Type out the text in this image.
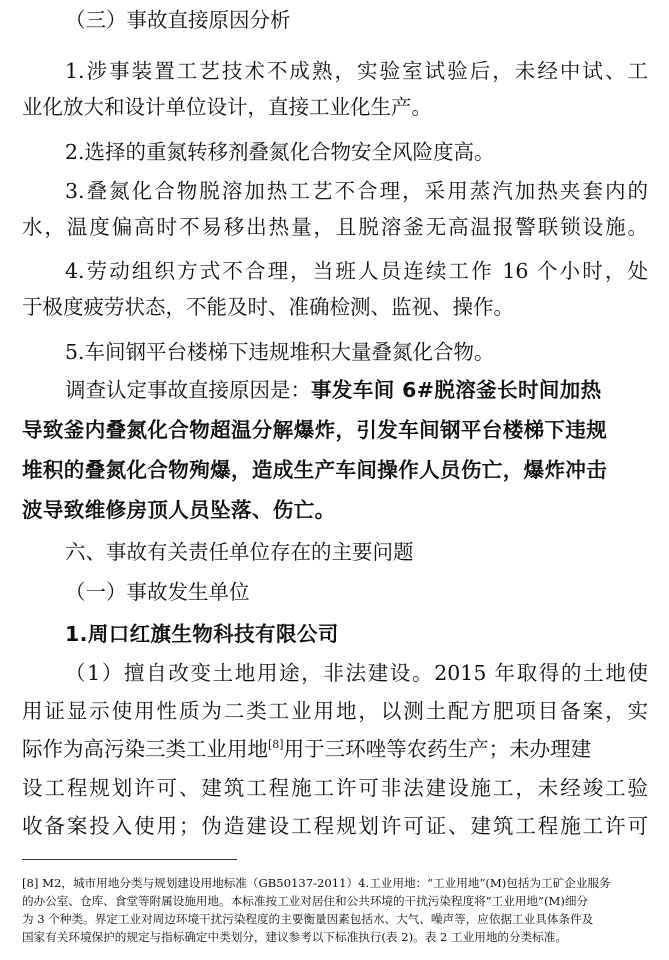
（三）事故直接原因分析
1.涉事装置工艺技术不成熟，实验室试验后，未经中试、工
业化放大和设计单位设计，直接工业化生产。
2.选择的重氮转移剂叠氮化合物安全风险度高。
3.叠氮化合物脱溶加热工艺不合理，采用蒸汽加热夹套内的
水，温度偏高时不易移出热量，且脱溶釜无高温报警联锁设施。
4.劳动组织方式不合理，当班人员连续工作 16 个小时，处
于极度疲劳状态，不能及时、准确检测、监视、操作。
5.车间钢平台楼梯下违规堆积大量叠氮化合物。
调查认定事故直接原因是：事发车间 6#脱溶釜长时间加热
导致釜内叠氮化合物超温分解爆炸，引发车间钢平台楼梯下违规
堆积的叠氮化合物殉爆，造成生产车间操作人员伤亡，爆炸冲击
波导致维修房顶人员坠落、伤亡。
六、事故有关责任单位存在的主要问题
（一）事故发生单位
1.周口红旗生物科技有限公司
（1）擅自改变土地用途，非法建设。2015 年取得的土地使
用证显示使用性质为二类工业用地，以测土配方肥项目备案，实
际作为高污染三类工业用地[8]用于三环唑等农药生产；未办理建
设工程规划许可、建筑工程施工许可非法建设施工，未经竣工验
收备案投入使用；伪造建设工程规划许可证、建筑工程施工许可
[8] M2，城市用地分类与规划建设用地标准（GB50137-2011）4.工业用地：“工业用地”(M)包括为工矿企业服务
的办公室、仓库、食堂等附属设施用地。本标准按工业对居住和公共环境的干扰污染程度将“工业用地”(M)细分
为 3 个种类。界定工业对周边环境干扰污染程度的主要衡量因素包括水、大气、噪声等，应依据工业具体条件及
国家有关环境保护的规定与指标确定中类划分，建议参考以下标准执行(表 2)。表 2 工业用地的分类标准。
